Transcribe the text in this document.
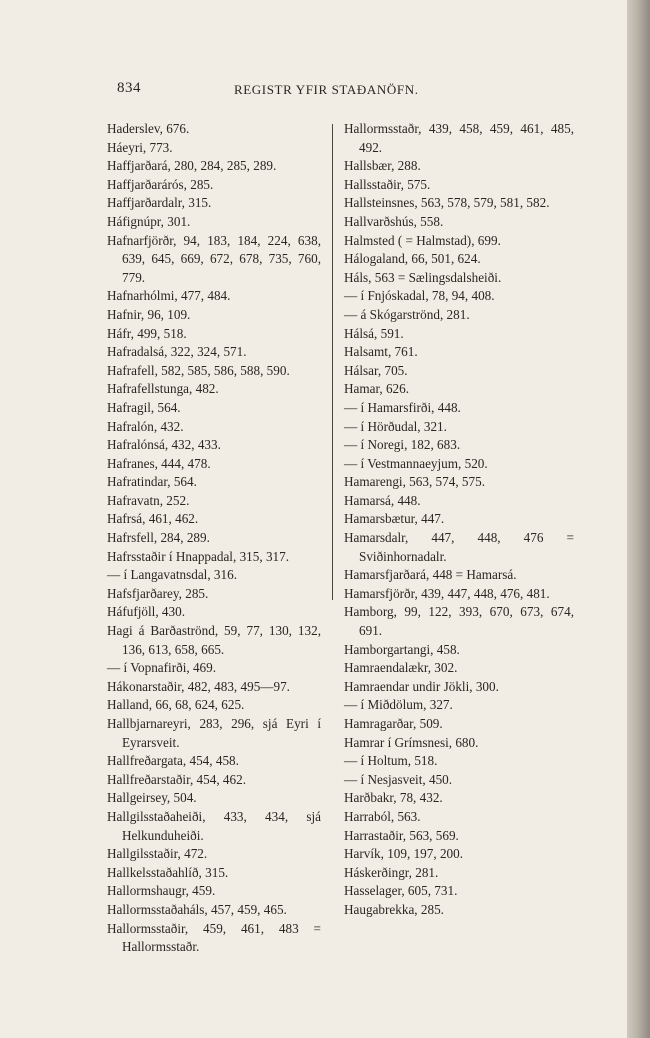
834	REGISTR YFIR STAÐANÖFN.
Haderslev, 676.
Háeyri, 773.
Haffjarðará, 280, 284, 285, 289.
Haffjarðarárós, 285.
Haffjarðardalr, 315.
Háfignúpr, 301.
Hafnarfjörðr, 94, 183, 184, 224, 638, 639, 645, 669, 672, 678, 735, 760, 779.
Hafnarhólmi, 477, 484.
Hafnir, 96, 109.
Háfr, 499, 518.
Hafradalsá, 322, 324, 571.
Hafrafell, 582, 585, 586, 588, 590.
Hafrafellstunga, 482.
Hafragil, 564.
Hafralón, 432.
Hafralónsá, 432, 433.
Hafranes, 444, 478.
Hafratindar, 564.
Hafravatn, 252.
Hafrsá, 461, 462.
Hafrsfell, 284, 289.
Hafrsstaðir í Hnappadal, 315, 317.
— í Langavatnsdal, 316.
Hafsfjarðarey, 285.
Háfufjöll, 430.
Hagi á Barðaströnd, 59, 77, 130, 132, 136, 613, 658, 665.
— í Vopnafirði, 469.
Hákonarstaðir, 482, 483, 495—97.
Halland, 66, 68, 624, 625.
Hallbjarnareyri, 283, 296, sjá Eyri í Eyrarsveit.
Hallfreðargata, 454, 458.
Hallfreðarstaðir, 454, 462.
Hallgeirsey, 504.
Hallgilsstaðaheiði, 433, 434, sjá Helkunduheiði.
Hallgilsstaðir, 472.
Hallkelsstaðahlíð, 315.
Hallormshaugr, 459.
Hallormsstaðaháls, 457, 459, 465.
Hallormsstaðir, 459, 461, 483 = Hallormsstaðr.
Hallormsstaðr, 439, 458, 459, 461, 485, 492.
Hallsbær, 288.
Hallsstaðir, 575.
Hallsteinsnes, 563, 578, 579, 581, 582.
Hallvarðshús, 558.
Halmsted ( = Halmstad), 699.
Hálogaland, 66, 501, 624.
Háls, 563 = Sælingsdalsheiði.
— í Fnjóskadal, 78, 94, 408.
— á Skógarströnd, 281.
Hálsá, 591.
Halsamt, 761.
Hálsar, 705.
Hamar, 626.
— í Hamarsfirði, 448.
— í Hörðudal, 321.
— í Noregi, 182, 683.
— í Vestmannaeyjum, 520.
Hamarengi, 563, 574, 575.
Hamarsá, 448.
Hamarsbætur, 447.
Hamarsdalr, 447, 448, 476 = Sviðinhornadalr.
Hamarsfjarðará, 448 = Hamarsá.
Hamarsfjörðr, 439, 447, 448, 476, 481.
Hamborg, 99, 122, 393, 670, 673, 674, 691.
Hamborgartangi, 458.
Hamraendalækr, 302.
Hamraendar undir Jökli, 300.
— í Miðdölum, 327.
Hamragarðar, 509.
Hamrar í Grímsnesi, 680.
— í Holtum, 518.
— í Nesjasveit, 450.
Harðbakr, 78, 432.
Harraból, 563.
Harrastaðir, 563, 569.
Harvík, 109, 197, 200.
Háskerðingr, 281.
Hasselager, 605, 731.
Haugabrekka, 285.
